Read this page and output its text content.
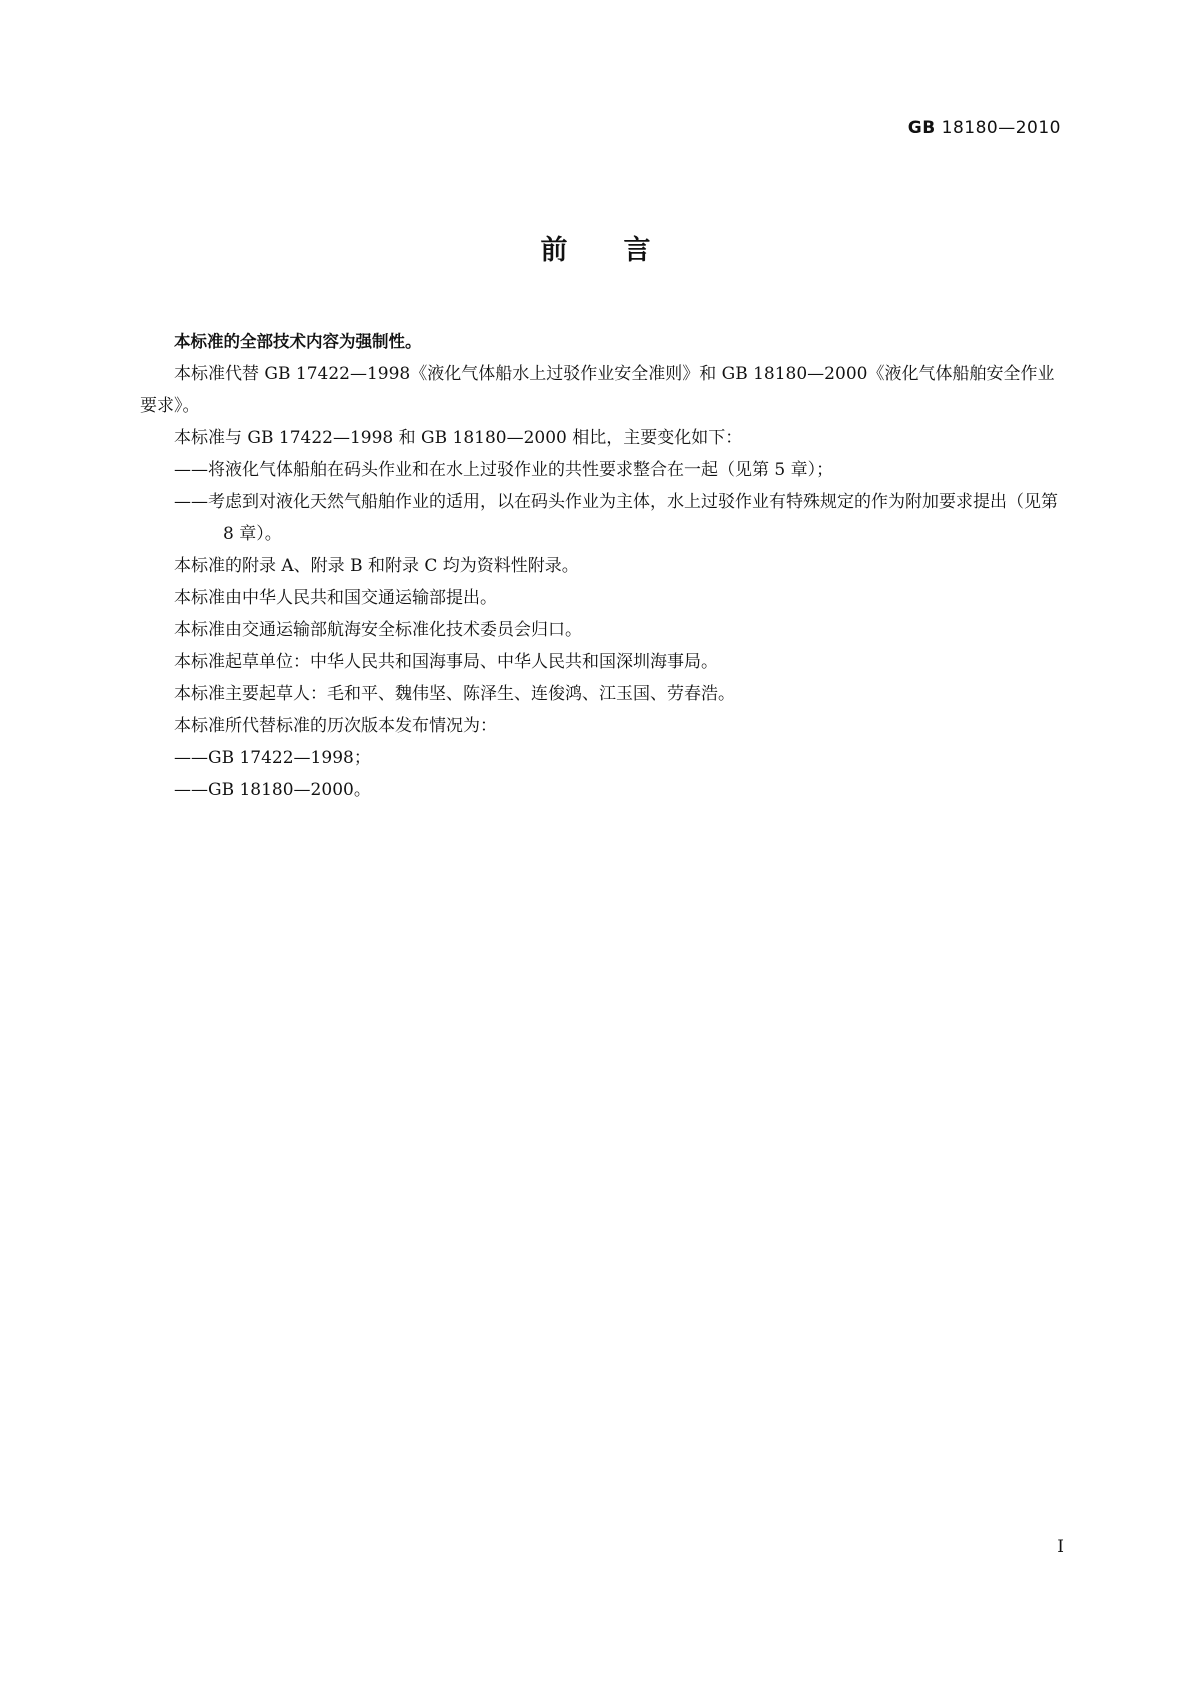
GB 18180—2010
前言

本标准的全部技术内容为强制性。

本标准代替 GB 17422—1998《液化气体船水上过驳作业安全准则》和 GB 18180—2000《液化气体船舶安全作业要求》。

本标准与 GB 17422—1998 和 GB 18180—2000 相比，主要变化如下：

——将液化气体船舶在码头作业和在水上过驳作业的共性要求整合在一起（见第 5 章）；

——考虑到对液化天然气船舶作业的适用，以在码头作业为主体，水上过驳作业有特殊规定的作为附加要求提出（见第 8 章）。

本标准的附录 A、附录 B 和附录 C 均为资料性附录。

本标准由中华人民共和国交通运输部提出。

本标准由交通运输部航海安全标准化技术委员会归口。

本标准起草单位：中华人民共和国海事局、中华人民共和国深圳海事局。

本标准主要起草人：毛和平、魏伟坚、陈泽生、连俊鸿、江玉国、劳春浩。

本标准所代替标准的历次版本发布情况为：

——GB 17422—1998；

——GB 18180—2000。

I
